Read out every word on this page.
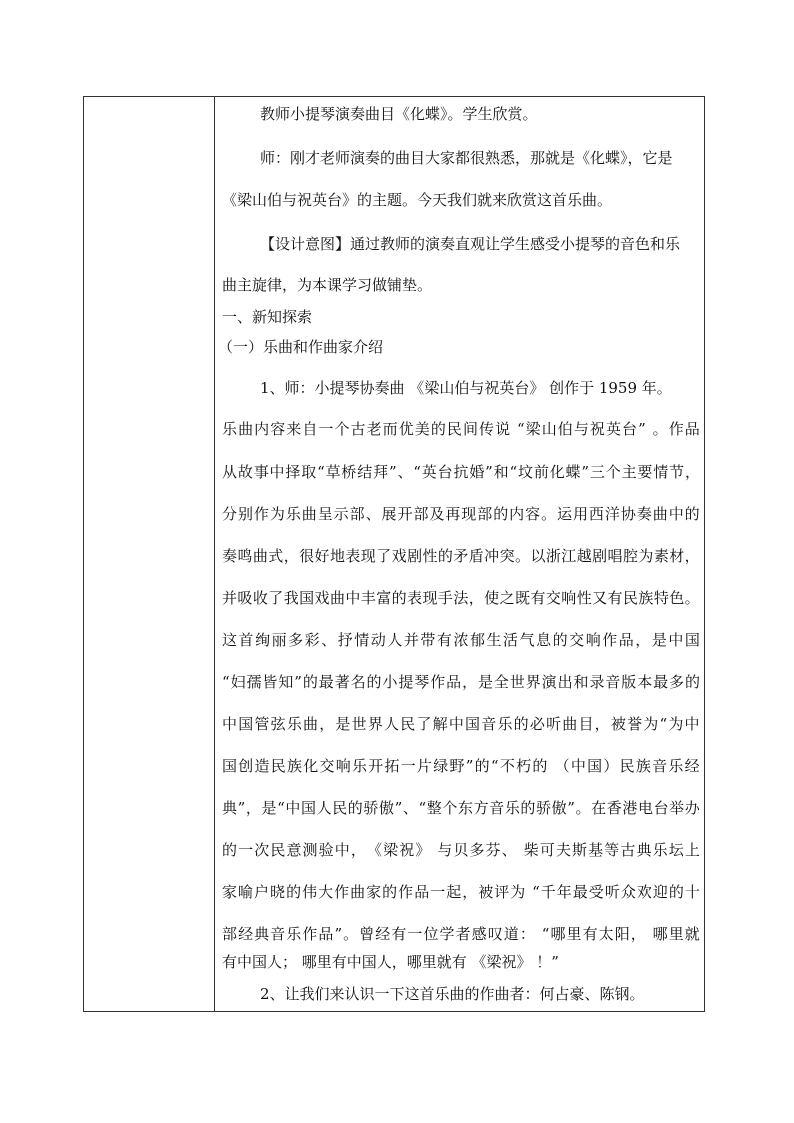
教师小提琴演奏曲目《化蝶》。学生欣赏。
师：刚才老师演奏的曲目大家都很熟悉，那就是《化蝶》，它是
《梁山伯与祝英台》的主题。今天我们就来欣赏这首乐曲。
【设计意图】通过教师的演奏直观让学生感受小提琴的音色和乐
曲主旋律，为本课学习做铺垫。
一、新知探索
（一）乐曲和作曲家介绍
1、师：小提琴协奏曲 《梁山伯与祝英台》 创作于 1959 年。
乐 曲 内 容 来 自 一 个 古 老 而 优 美 的 民 间 传 说
“ 梁 山 伯 与 祝 英 台 ”
。 作 品
从 故 事 中 择 取 “ 草 桥 结 拜 ” 、 “ 英 台 抗 婚 ” 和 “ 坟 前 化 蝶 ” 三 个 主 要 情 节 ，
分 别 作 为 乐 曲 呈 示 部 、 展 开 部 及 再 现 部 的 内 容 。 运 用 西 洋 协 奏 曲 中 的
奏 鸣 曲 式 ， 很 好 地 表 现 了 戏 剧 性 的 矛 盾 冲 突 。 以 浙 江 越 剧 唱 腔 为 素 材 ，
并 吸 收 了 我 国 戏 曲 中 丰 富 的 表 现 手 法 ， 使 之 既 有 交 响 性 又 有 民 族 特 色 。
这 首 绚 丽 多 彩 、 抒 情 动 人 并 带 有 浓 郁 生 活 气 息 的 交 响 作 品 ， 是 中 国
“ 妇 孺 皆 知 ” 的 最 著 名 的 小 提 琴 作 品 ， 是 全 世 界 演 出 和 录 音 版 本 最 多 的
中 国 管 弦 乐 曲 ， 是 世 界 人 民 了 解 中 国 音 乐 的 必 听 曲 目 ， 被 誉 为 “ 为 中
国 创 造 民 族 化 交 响 乐 开 拓 一 片 绿 野 ” 的 “ 不 朽 的
（ 中 国 ） 民 族 音 乐 经
典 ” ， 是 “ 中 国 人 民 的 骄 傲 ” 、 “ 整 个 东 方 音 乐 的 骄 傲 ” 。 在 香 港 电 台 举 办
的 一 次 民 意 测 验 中 ， 《 梁 祝 》
与 贝 多 芬 、
柴 可 夫 斯 基 等 古 典 乐 坛 上
家 喻 户 晓 的 伟 大 作 曲 家 的 作 品 一 起 ， 被 评 为
“ 千 年 最 受 听 众 欢 迎 的 十
部 经 典 音 乐 作 品 ” 。 曾 经 有 一 位 学 者 感 叹 道 ：
“ 哪 里 有 太 阳 ，
哪 里 就
有中国人； 哪里有中国人，哪里就有 《梁祝》 ！”
2、让我们来认识一下这首乐曲的作曲者：何占豪、陈钢。
